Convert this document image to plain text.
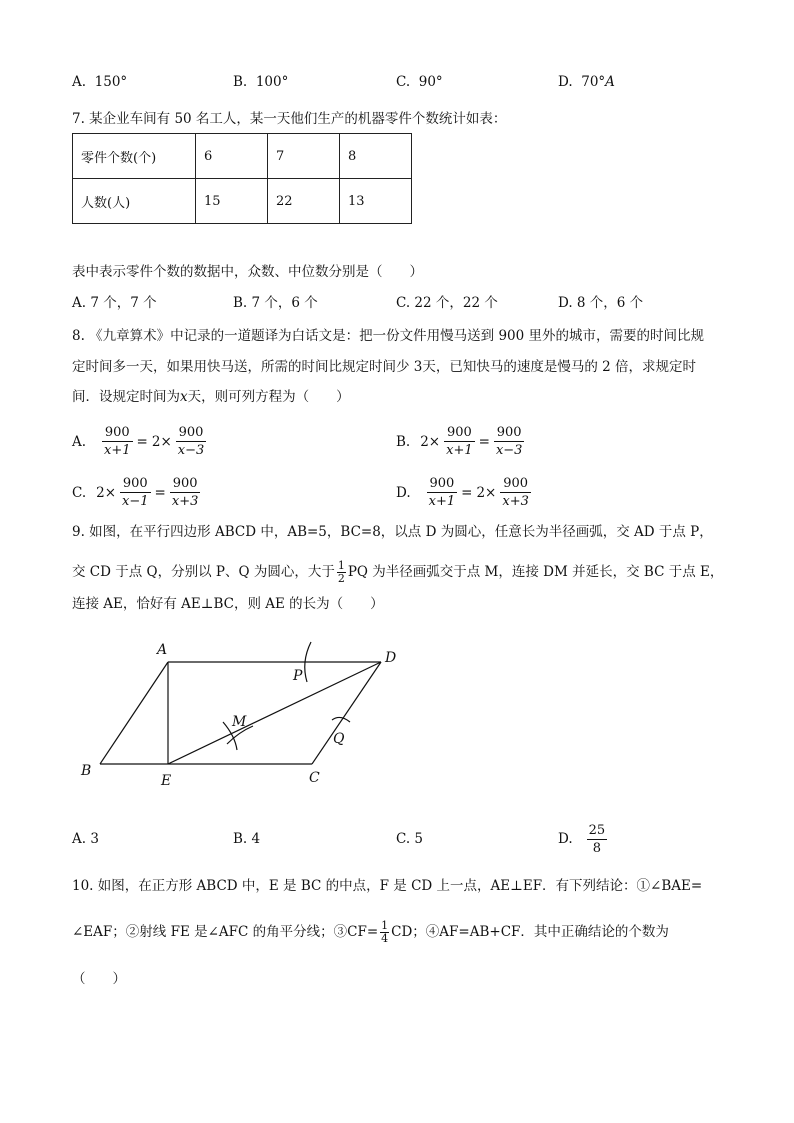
A. 150°	B. 100°	C. 90°	D. 70°A
7. 某企业车间有 50 名工人，某一天他们生产的机器零件个数统计如表：
零件个数(个)	6	7	8
人数(人)	15	22	13
表中表示零件个数的数据中，众数、中位数分别是（　　）
A. 7 个，7 个	B. 7 个，6 个	C. 22 个，22 个	D. 8 个，6 个
8. 《九章算术》中记录的一道题译为白话文是：把一份文件用慢马送到 900 里外的城市，需要的时间比规
定时间多一天，如果用快马送，所需的时间比规定时间少 3天，已知快马的速度是慢马的 2 倍，求规定时
间．设规定时间为x天，则可列方程为（　　）
A. $\frac{900}{x+1} = 2\times \frac{900}{x-3}$	B. $2\times \frac{900}{x+1} = \frac{900}{x-3}$
C. $2\times \frac{900}{x-1} = \frac{900}{x+3}$	D. $\frac{900}{x+1} = 2\times \frac{900}{x+3}$
9. 如图，在平行四边形 ABCD 中，AB=5，BC=8，以点 D 为圆心，任意长为半径画弧，交 AD 于点 P，
交 CD 于点 Q，分别以 P、Q 为圆心，大于 $\frac{1}{2}$ PQ 为半径画弧交于点 M，连接 DM 并延长，交 BC 于点 E，
连接 AE，恰好有 AE⊥BC，则 AE 的长为（　　）
A	D
B
E	C
P
Q
M
A. 3	B. 4	C. 5	D. $\frac{25}{8}$
10. 如图，在正方形 ABCD 中，E 是 BC 的中点，F 是 CD 上一点，AE⊥EF．有下列结论：①∠BAE=
∠EAF；②射线 FE 是∠AFC 的角平分线；③CF= $\frac{1}{4}$ CD；④AF=AB+CF．其中正确结论的个数为
（　　）
